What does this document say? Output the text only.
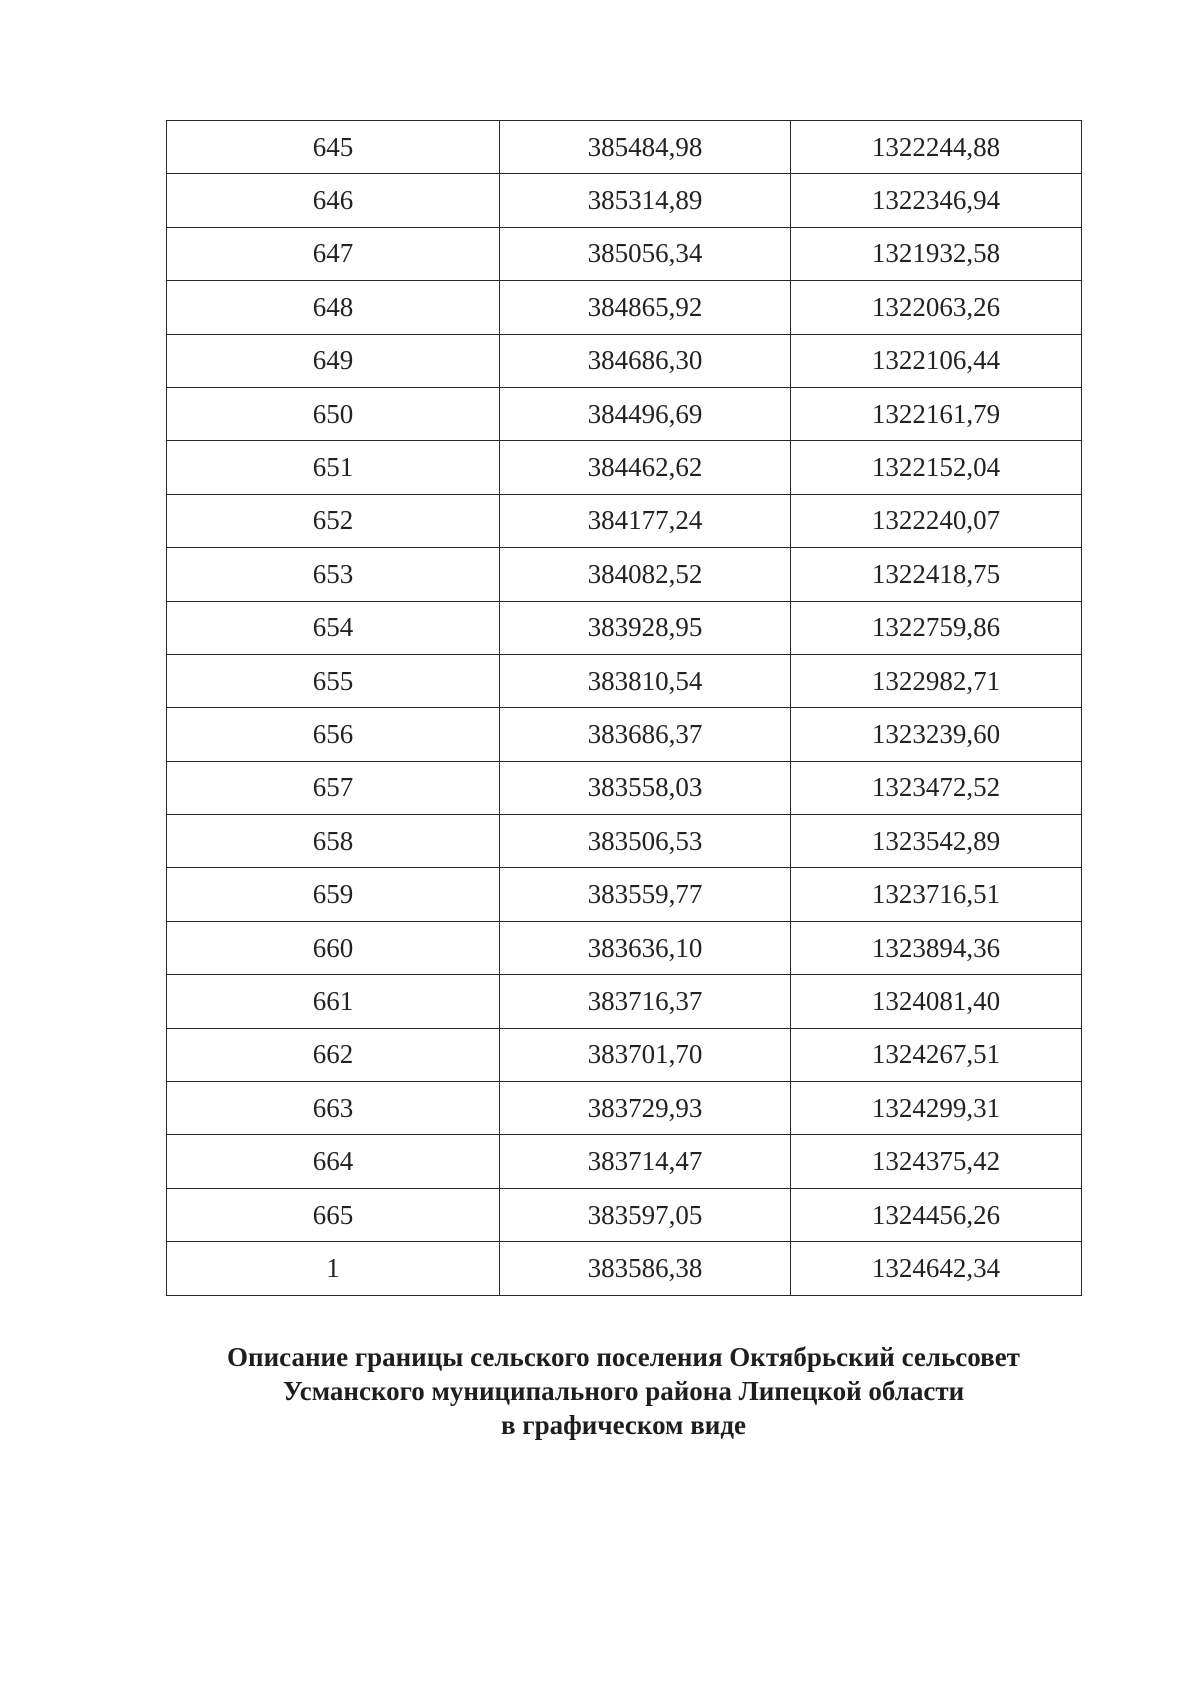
645	385484,98	1322244,88
646	385314,89	1322346,94
647	385056,34	1321932,58
648	384865,92	1322063,26
649	384686,30	1322106,44
650	384496,69	1322161,79
651	384462,62	1322152,04
652	384177,24	1322240,07
653	384082,52	1322418,75
654	383928,95	1322759,86
655	383810,54	1322982,71
656	383686,37	1323239,60
657	383558,03	1323472,52
658	383506,53	1323542,89
659	383559,77	1323716,51
660	383636,10	1323894,36
661	383716,37	1324081,40
662	383701,70	1324267,51
663	383729,93	1324299,31
664	383714,47	1324375,42
665	383597,05	1324456,26
1	383586,38	1324642,34
Описание границы сельского поселения Октябрьский сельсовет
Усманского муниципального района Липецкой области
в графическом виде
